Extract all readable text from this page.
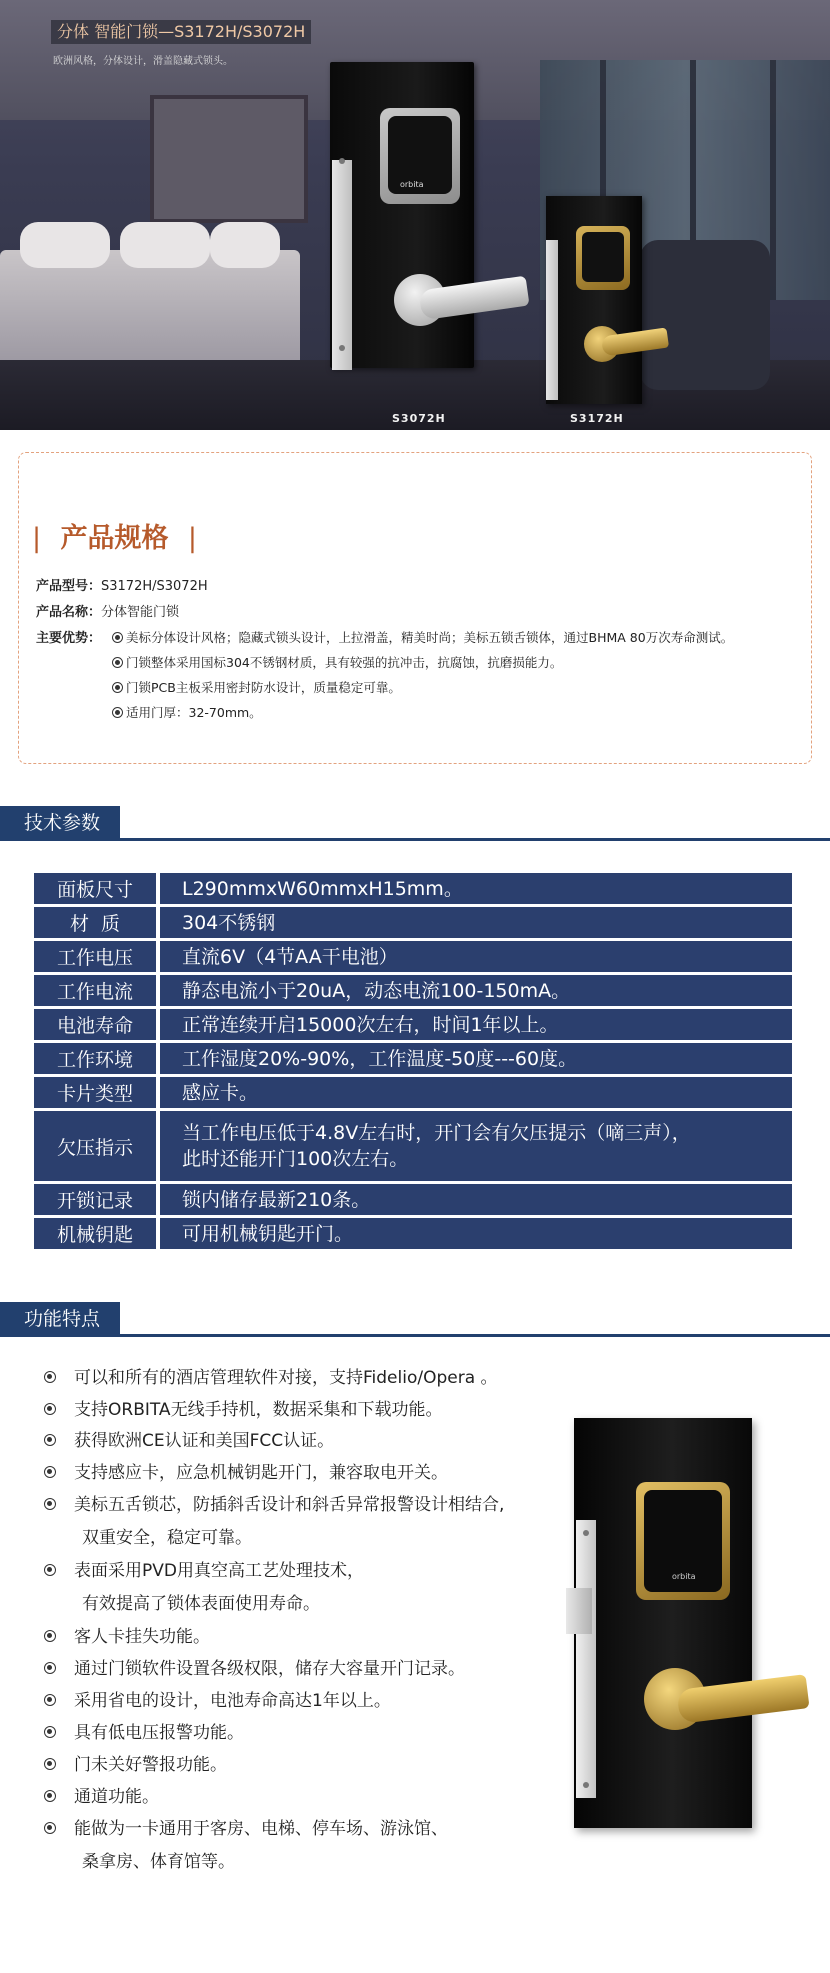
分体 智能门锁—S3172H/S3072H
欧洲风格，分体设计，滑盖隐藏式锁头。
orbita
S3072H	S3172H
| 产品规格 |
产品型号：S3172H/S3072H
产品名称：分体智能门锁
主要优势：	美标分体设计风格；隐藏式锁头设计，上拉滑盖，精美时尚；美标五锁舌锁体，通过BHMA 80万次寿命测试。
门锁整体采用国标304不锈钢材质，具有较强的抗冲击，抗腐蚀，抗磨损能力。
门锁PCB主板采用密封防水设计，质量稳定可靠。
适用门厚：32-70mm。
技术参数
面板尺寸	L290mmxW60mmxH15mm。
材  质	304不锈钢
工作电压	直流6V（4节AA干电池）
工作电流	静态电流小于20uA，动态电流100-150mA。
电池寿命	正常连续开启15000次左右，时间1年以上。
工作环境	工作湿度20%-90%，工作温度-50度---60度。
卡片类型	感应卡。
欠压指示	当工作电压低于4.8V左右时，开门会有欠压提示（嘀三声），
此时还能开门100次左右。

开锁记录	锁内储存最新210条。
机械钥匙	可用机械钥匙开门。
功能特点
可以和所有的酒店管理软件对接，支持Fidelio/Opera 。
支持ORBITA无线手持机，数据采集和下载功能。
获得欧洲CE认证和美国FCC认证。
支持感应卡，应急机械钥匙开门，兼容取电开关。
美标五舌锁芯，防插斜舌设计和斜舌异常报警设计相结合,
双重安全，稳定可靠。
表面采用PVD用真空高工艺处理技术，
有效提高了锁体表面使用寿命。
客人卡挂失功能。
通过门锁软件设置各级权限，储存大容量开门记录。
采用省电的设计，电池寿命高达1年以上。
具有低电压报警功能。
门未关好警报功能。
通道功能。
能做为一卡通用于客房、电梯、停车场、游泳馆、
桑拿房、体育馆等。
orbita
